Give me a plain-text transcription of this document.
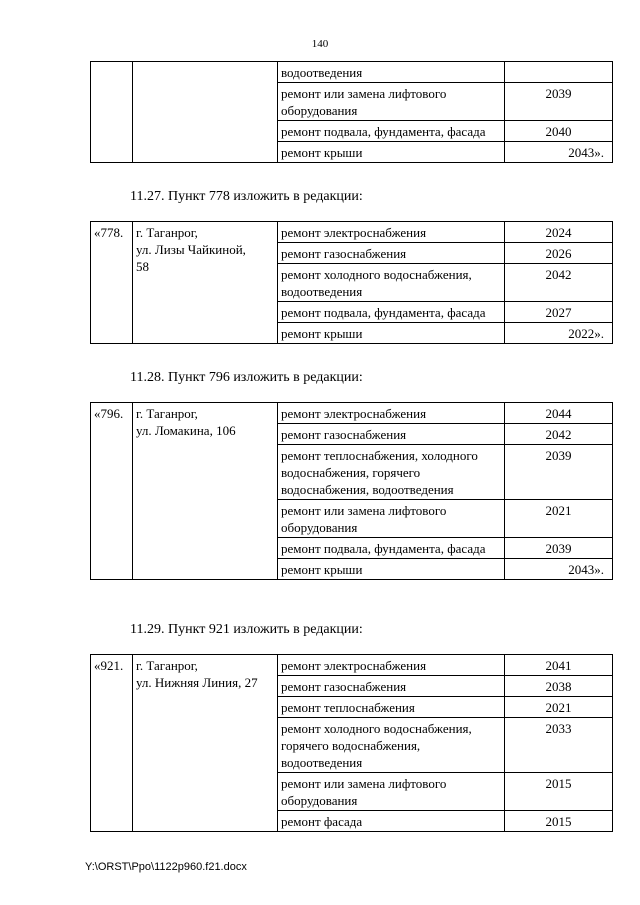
140
		водоотведения	
		ремонт или замена лифтового оборудования	2039
		ремонт подвала, фундамента, фасада	2040
		ремонт крыши	2043».
11.27. Пункт 778 изложить в редакции:
«778.	г. Таганрог,
ул. Лизы Чайкиной,
58	ремонт электроснабжения	2024
		ремонт газоснабжения	2026
		ремонт холодного водоснабжения, водоотведения	2042
		ремонт подвала, фундамента, фасада	2027
		ремонт крыши	2022».
11.28. Пункт 796 изложить в редакции:
«796.	г. Таганрог,
ул. Ломакина, 106	ремонт электроснабжения	2044
		ремонт газоснабжения	2042
		ремонт теплоснабжения, холодного водоснабжения, горячего водоснабжения, водоотведения	2039
		ремонт или замена лифтового оборудования	2021
		ремонт подвала, фундамента, фасада	2039
		ремонт крыши	2043».
11.29. Пункт 921 изложить в редакции:
«921.	г. Таганрог,
ул. Нижняя Линия, 27	ремонт электроснабжения	2041
		ремонт газоснабжения	2038
		ремонт теплоснабжения	2021
		ремонт холодного водоснабжения, горячего водоснабжения, водоотведения	2033
		ремонт или замена лифтового оборудования	2015
		ремонт фасада	2015
Y:\ORST\Ppo\1122p960.f21.docx
